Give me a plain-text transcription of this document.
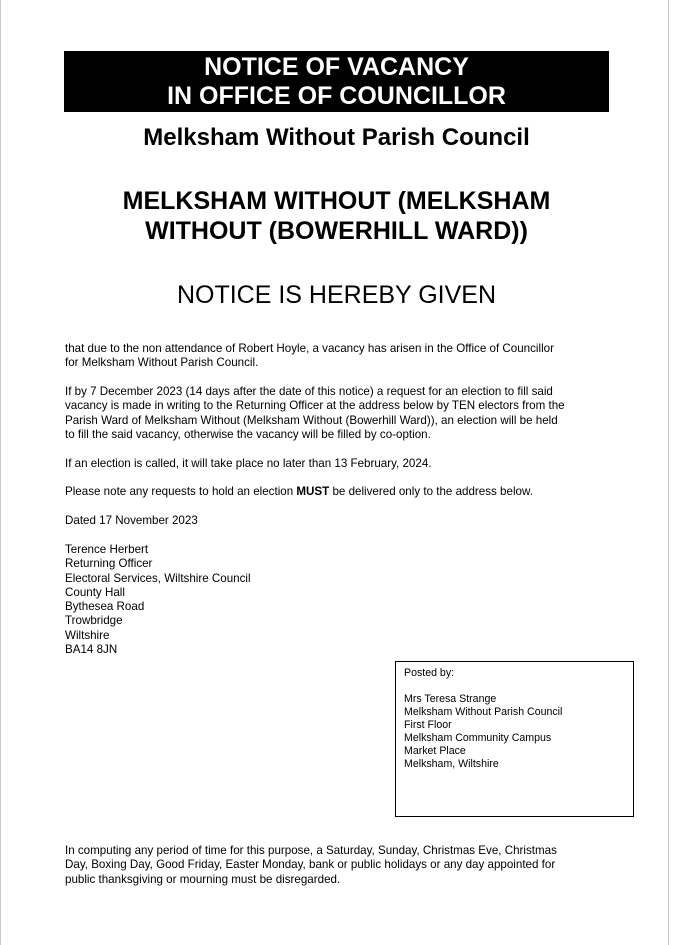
NOTICE OF VACANCY
IN OFFICE OF COUNCILLOR
Melksham Without Parish Council
MELKSHAM WITHOUT (MELKSHAM
WITHOUT (BOWERHILL WARD))
NOTICE IS HEREBY GIVEN
that due to the non attendance of Robert Hoyle, a vacancy has arisen in the Office of Councillor
for Melksham Without Parish Council.
If by 7 December 2023 (14 days after the date of this notice) a request for an election to fill said
vacancy is made in writing to the Returning Officer at the address below by TEN electors from the
Parish Ward of Melksham Without (Melksham Without (Bowerhill Ward)), an election will be held
to fill the said vacancy, otherwise the vacancy will be filled by co-option.
If an election is called, it will take place no later than 13 February, 2024.
Please note any requests to hold an election MUST be delivered only to the address below.
Dated 17 November 2023
Terence Herbert
Returning Officer
Electoral Services, Wiltshire Council
County Hall
Bythesea Road
Trowbridge
Wiltshire
BA14 8JN
Posted by:
Mrs Teresa Strange
Melksham Without Parish Council
First Floor
Melksham Community Campus
Market Place
Melksham, Wiltshire
In computing any period of time for this purpose, a Saturday, Sunday, Christmas Eve, Christmas
Day, Boxing Day, Good Friday, Easter Monday, bank or public holidays or any day appointed for
public thanksgiving or mourning must be disregarded.
